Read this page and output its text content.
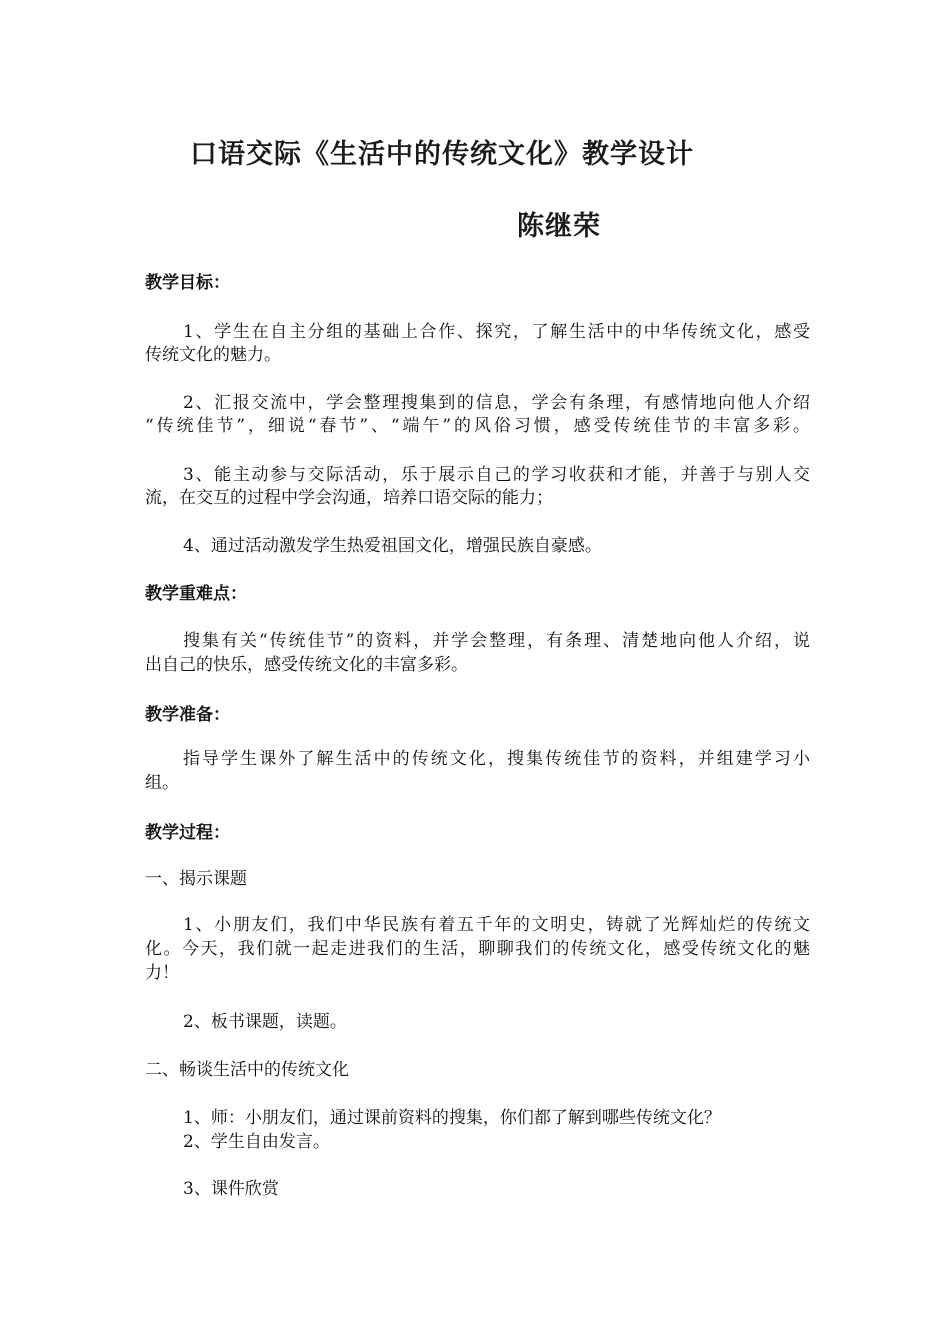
口语交际《生活中的传统文化》教学设计
陈继荣
教学目标：
1、学生在自主分组的基础上合作、探究，了解生活中的中华传统文化，感受
传统文化的魅力。
2、汇报交流中，学会整理搜集到的信息，学会有条理，有感情地向他人介绍
“传统佳节”，细说“春节”、“端午”的风俗习惯，感受传统佳节的丰富多彩。
3、能主动参与交际活动，乐于展示自己的学习收获和才能，并善于与别人交
流，在交互的过程中学会沟通，培养口语交际的能力；
4、通过活动激发学生热爱祖国文化，增强民族自豪感。
教学重难点：
搜集有关“传统佳节”的资料，并学会整理，有条理、清楚地向他人介绍，说
出自己的快乐，感受传统文化的丰富多彩。
教学准备：
指导学生课外了解生活中的传统文化，搜集传统佳节的资料，并组建学习小
组。
教学过程：
一、揭示课题
1、小朋友们，我们中华民族有着五千年的文明史，铸就了光辉灿烂的传统文
化。今天，我们就一起走进我们的生活，聊聊我们的传统文化，感受传统文化的魅
力！
2、板书课题，读题。
二、畅谈生活中的传统文化
1、师：小朋友们，通过课前资料的搜集，你们都了解到哪些传统文化？
2、学生自由发言。
3、课件欣赏
